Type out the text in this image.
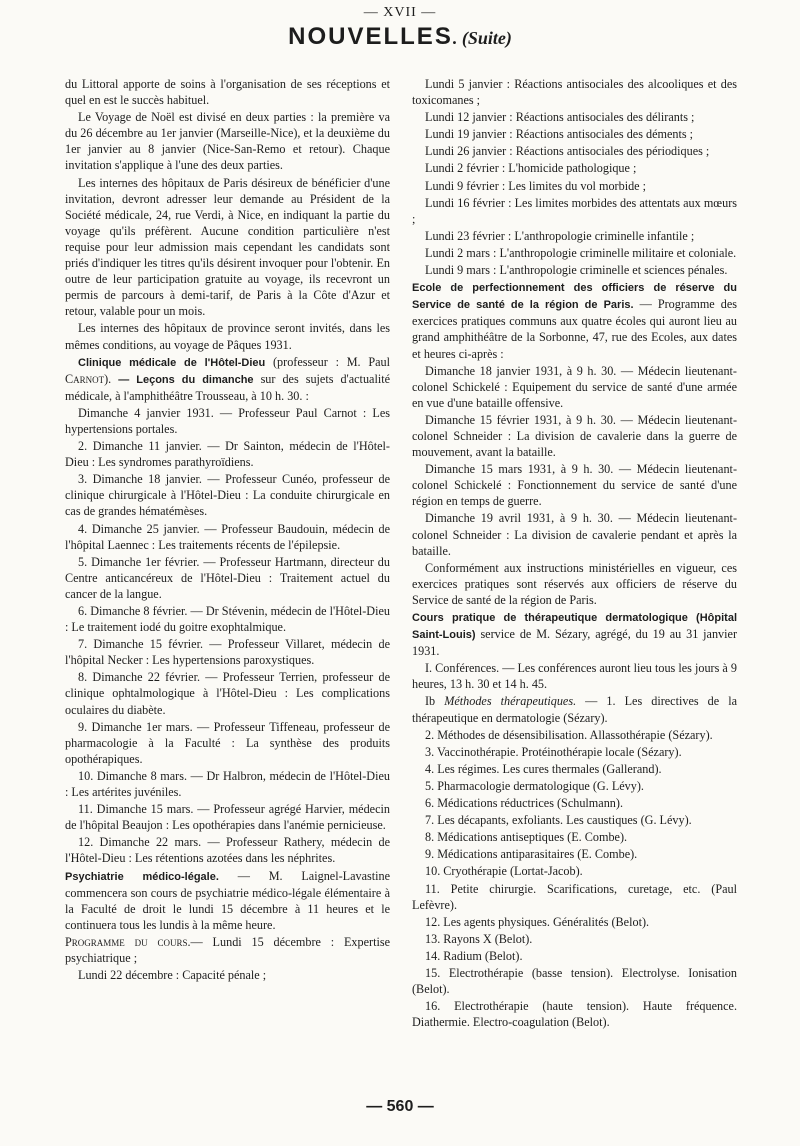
— XVII —
NOUVELLES. (Suite)

du Littoral apporte de soins à l'organisation de ses réceptions et quel en est le succès habituel.

Le Voyage de Noël est divisé en deux parties : la première va du 26 décembre au 1er janvier (Marseille-Nice), et la deuxième du 1er janvier au 8 janvier (Nice-San-Remo et retour). Chaque invitation s'applique à l'une des deux parties.

Les internes des hôpitaux de Paris désireux de bénéficier d'une invitation, devront adresser leur demande au Président de la Société médicale, 24, rue Verdi, à Nice, en indiquant la partie du voyage qu'ils préfèrent. Aucune condition particulière n'est requise pour leur admission mais cependant les candidats sont priés d'indiquer les titres qu'ils désirent invoquer pour l'obtenir. En outre de leur participation gratuite au voyage, ils recevront un permis de parcours à demi-tarif, de Paris à la Côte d'Azur et retour, valable pour un mois.

Les internes des hôpitaux de province seront invités, dans les mêmes conditions, au voyage de Pâques 1931.

Clinique médicale de l'Hôtel-Dieu (professeur : M. Paul Carnot). — Leçons du dimanche sur des sujets d'actualité médicale, à l'amphithéâtre Trousseau, à 10 h. 30. :

Dimanche 4 janvier 1931. — Professeur Paul Carnot : Les hypertensions portales.

2. Dimanche 11 janvier. — Dr Sainton, médecin de l'Hôtel-Dieu : Les syndromes parathyroïdiens.

3. Dimanche 18 janvier. — Professeur Cunéo, professeur de clinique chirurgicale à l'Hôtel-Dieu : La conduite chirurgicale en cas de grandes hématémèses.

4. Dimanche 25 janvier. — Professeur Baudouin, médecin de l'hôpital Laennec : Les traitements récents de l'épilepsie.

5. Dimanche 1er février. — Professeur Hartmann, directeur du Centre anticancéreux de l'Hôtel-Dieu : Traitement actuel du cancer de la langue.

6. Dimanche 8 février. — Dr Stévenin, médecin de l'Hôtel-Dieu : Le traitement iodé du goitre exophtalmique.

7. Dimanche 15 février. — Professeur Villaret, médecin de l'hôpital Necker : Les hypertensions paroxystiques.

8. Dimanche 22 février. — Professeur Terrien, professeur de clinique ophtalmologique à l'Hôtel-Dieu : Les complications oculaires du diabète.

9. Dimanche 1er mars. — Professeur Tiffeneau, professeur de pharmacologie à la Faculté : La synthèse des produits opothérapiques.

10. Dimanche 8 mars. — Dr Halbron, médecin de l'Hôtel-Dieu : Les artérites juvéniles.

11. Dimanche 15 mars. — Professeur agrégé Harvier, médecin de l'hôpital Beaujon : Les opothérapies dans l'anémie pernicieuse.

12. Dimanche 22 mars. — Professeur Rathery, médecin de l'Hôtel-Dieu : Les rétentions azotées dans les néphrites.

Psychiatrie médico-légale. — M. Laignel-Lavastine commencera son cours de psychiatrie médico-légale élémentaire à la Faculté de droit le lundi 15 décembre à 11 heures et le continuera tous les lundis à la même heure.

Programme du cours.— Lundi 15 décembre : Expertise psychiatrique ;

Lundi 22 décembre : Capacité pénale ;

Lundi 5 janvier : Réactions antisociales des alcooliques et des toxicomanes ;

Lundi 12 janvier : Réactions antisociales des délirants ;

Lundi 19 janvier : Réactions antisociales des déments ;

Lundi 26 janvier : Réactions antisociales des périodiques ;

Lundi 2 février : L'homicide pathologique ;

Lundi 9 février : Les limites du vol morbide ;

Lundi 16 février : Les limites morbides des attentats aux mœurs ;

Lundi 23 février : L'anthropologie criminelle infantile ;

Lundi 2 mars : L'anthropologie criminelle militaire et coloniale.

Lundi 9 mars : L'anthropologie criminelle et sciences pénales.

Ecole de perfectionnement des officiers de réserve du Service de santé de la région de Paris. — Programme des exercices pratiques communs aux quatre écoles qui auront lieu au grand amphithéâtre de la Sorbonne, 47, rue des Ecoles, aux dates et heures ci-après :

Dimanche 18 janvier 1931, à 9 h. 30. — Médecin lieutenant-colonel Schickelé : Equipement du service de santé d'une armée en vue d'une bataille offensive.

Dimanche 15 février 1931, à 9 h. 30. — Médecin lieutenant-colonel Schneider : La division de cavalerie dans la guerre de mouvement, avant la bataille.

Dimanche 15 mars 1931, à 9 h. 30. — Médecin lieutenant-colonel Schickelé : Fonctionnement du service de santé d'une région en temps de guerre.

Dimanche 19 avril 1931, à 9 h. 30. — Médecin lieutenant-colonel Schneider : La division de cavalerie pendant et après la bataille.

Conformément aux instructions ministérielles en vigueur, ces exercices pratiques sont réservés aux officiers de réserve du Service de santé de la région de Paris.

Cours pratique de thérapeutique dermatologique (Hôpital Saint-Louis) service de M. Sézary, agrégé, du 19 au 31 janvier 1931.

I. Conférences. — Les conférences auront lieu tous les jours à 9 heures, 13 h. 30 et 14 h. 45.

Ib Méthodes thérapeutiques. — 1. Les directives de la thérapeutique en dermatologie (Sézary).

2. Méthodes de désensibilisation. Allassothérapie (Sézary).

3. Vaccinothérapie. Protéinothérapie locale (Sézary).

4. Les régimes. Les cures thermales (Gallerand).

5. Pharmacologie dermatologique (G. Lévy).

6. Médications réductrices (Schulmann).

7. Les décapants, exfoliants. Les caustiques (G. Lévy).

8. Médications antiseptiques (E. Combe).

9. Médications antiparasitaires (E. Combe).

10. Cryothérapie (Lortat-Jacob).

11. Petite chirurgie. Scarifications, curetage, etc. (Paul Lefèvre).

12. Les agents physiques. Généralités (Belot).

13. Rayons X (Belot).

14. Radium (Belot).

15. Electrothérapie (basse tension). Electrolyse. Ionisation (Belot).

16. Electrothérapie (haute tension). Haute fréquence. Diathermie. Electro-coagulation (Belot).

— 560 —
